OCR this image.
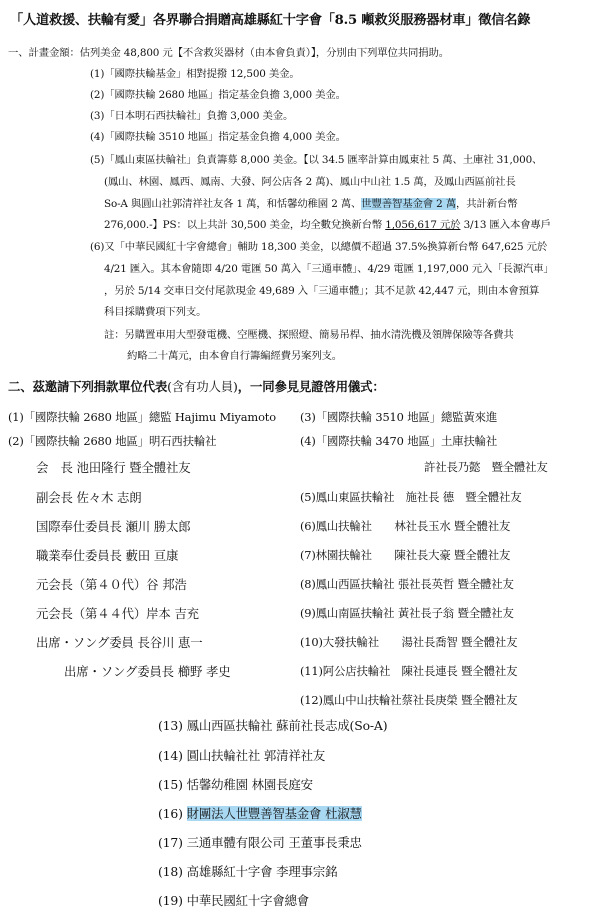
「人道救援、扶輪有愛」各界聯合捐贈高雄縣紅十字會「8.5 噸救災服務器材車」徵信名錄
一、計畫金額：估列美金 48,800 元【不含救災器材（由本會負責）】，分別由下列單位共同捐助。
(1)「國際扶輪基金」相對提撥 12,500 美金。
(2)「國際扶輪 2680 地區」指定基金負擔 3,000 美金。
(3)「日本明石西扶輪社」負擔 3,000 美金。
(4)「國際扶輪 3510 地區」指定基金負擔 4,000 美金。
(5)「鳳山東區扶輪社」負責籌募 8,000 美金。【以 34.5 匯率計算由鳳東社 5 萬、土庫社 31,000、
(鳳山、林園、鳳西、鳳南、大發、阿公店各 2 萬)、鳳山中山社 1.5 萬，及鳳山西區前社長
So-A 與圓山社郭清祥社友各 1 萬，和恬馨幼稚園 2 萬、世豐善智基金會 2 萬，共計新台幣
276,000.-】PS：以上共計 30,500 美金，均全數兌換新台幣 1,056,617 元於 3/13 匯入本會專戶
(6)又「中華民國紅十字會總會」輔助 18,300 美金，以總價不超過 37.5%換算新台幣 647,625 元於
4/21 匯入。其本會隨即 4/20 電匯 50 萬入「三通車體」、4/29 電匯 1,197,000 元入「長源汽車」
，另於 5/14 交車日交付尾款現金 49,689 入「三通車體」；其不足款 42,447 元，則由本會預算
科目採購費項下列支。
註：另購置車用大型發電機、空壓機、探照燈、簡易吊桿、抽水清洗機及領牌保險等各費共
約略二十萬元，由本會自行籌編經費另案列支。
二、茲邀請下列捐款單位代表(含有功人員)，一同參見見證啓用儀式：
(1)「國際扶輪 2680 地區」總監 Hajimu Miyamoto
(2)「國際扶輪 2680 地區」明石西扶輪社
会　長 池田隆行 暨全體社友
副会長 佐々木 志朗
国際奉仕委員長 瀬川 勝太郎
職業奉仕委員長 藪田 亘康
元会長（第４０代）谷 邦浩
元会長（第４４代）岸本 吉充
出席・ソング委員 長谷川 恵一
出席・ソング委員長 櫛野 孝史
(3)「國際扶輪 3510 地區」總監黃來進
(4)「國際扶輪 3470 地區」土庫扶輪社
許社長乃懿　暨全體社友
(5)鳳山東區扶輪社　施社長 德　暨全體社友
(6)鳳山扶輪社　　林社長玉水 暨全體社友
(7)林園扶輪社　　陳社長大豪 暨全體社友
(8)鳳山西區扶輪社 張社長英哲 暨全體社友
(9)鳳山南區扶輪社 黃社長子翁 暨全體社友
(10)大發扶輪社　　湯社長喬智 暨全體社友
(11)阿公店扶輪社　陳社長連長 暨全體社友
(12)鳳山中山扶輪社蔡社長庚榮 暨全體社友
(13) 鳳山西區扶輪社 蘇前社長志成(So-A)
(14) 圓山扶輪社社 郭清祥社友
(15) 恬馨幼稚園 林園長庭安
(16) 財團法人世豐善智基金會 杜淑慧
(17) 三通車體有限公司 王董事長秉忠
(18) 高雄縣紅十字會 李理事宗銘
(19) 中華民國紅十字會總會
